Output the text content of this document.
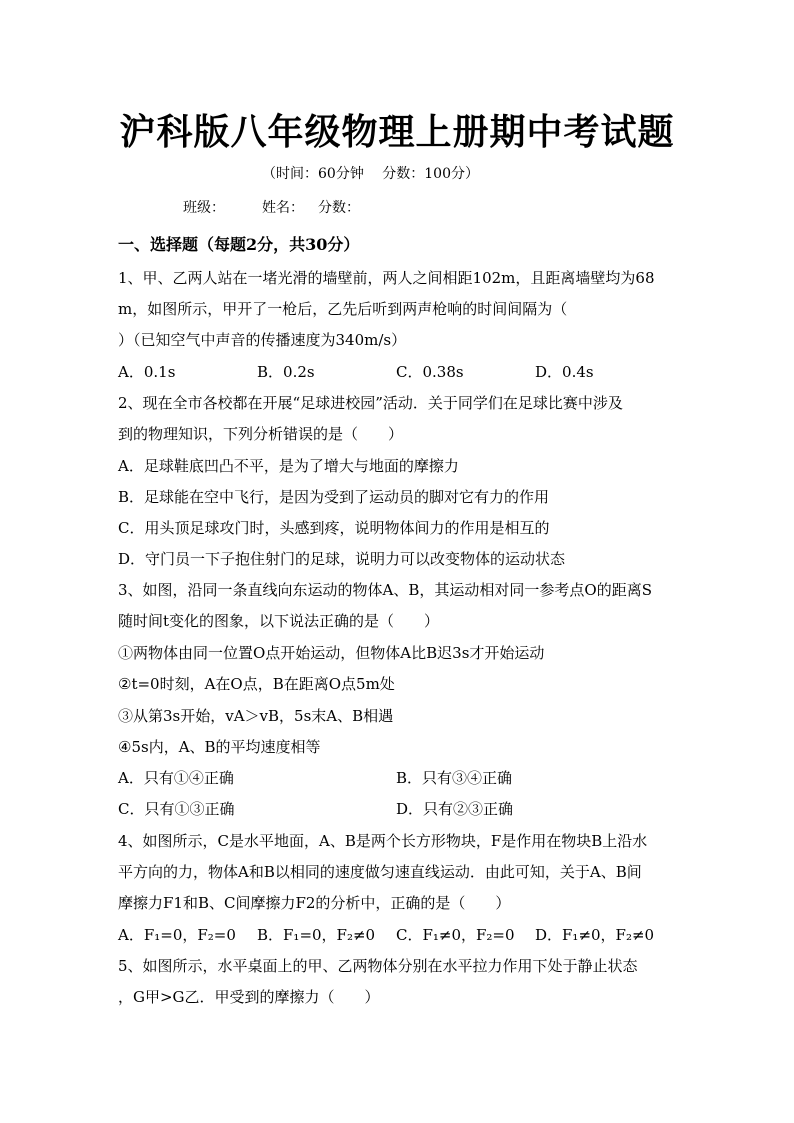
沪科版八年级物理上册期中考试题
（时间：60分钟　 分数：100分）
班级：	姓名： 分数：
一、选择题（每题2分，共30分）
1、甲、乙两人站在一堵光滑的墙壁前，两人之间相距102m，且距离墙壁均为68
m，如图所示，甲开了一枪后，乙先后听到两声枪响的时间间隔为（
）（已知空气中声音的传播速度为340m/s）
A．0.1s	B．0.2s	C．0.38s	D．0.4s
2、现在全市各校都在开展“足球进校园”活动．关于同学们在足球比赛中涉及
到的物理知识，下列分析错误的是（　　）
A．足球鞋底凹凸不平，是为了增大与地面的摩擦力
B．足球能在空中飞行，是因为受到了运动员的脚对它有力的作用
C．用头顶足球攻门时，头感到疼，说明物体间力的作用是相互的
D．守门员一下子抱住射门的足球，说明力可以改变物体的运动状态
3、如图，沿同一条直线向东运动的物体A、B，其运动相对同一参考点O的距离S
随时间t变化的图象，以下说法正确的是（　　）
①两物体由同一位置O点开始运动，但物体A比B迟3s才开始运动
②t=0时刻，A在O点，B在距离O点5m处
③从第3s开始，vA＞vB，5s末A、B相遇
④5s内，A、B的平均速度相等
A．只有①④正确	B．只有③④正确
C．只有①③正确	D．只有②③正确
4、如图所示，C是水平地面，A、B是两个长方形物块，F是作用在物块B上沿水
平方向的力，物体A和B以相同的速度做匀速直线运动．由此可知，关于A、B间
摩擦力F1和B、C间摩擦力F2的分析中，正确的是（　　）
A．F₁=0，F₂=0 B．F₁=0，F₂≠0 C．F₁≠0，F₂=0 D．F₁≠0，F₂≠0
5、如图所示，水平桌面上的甲、乙两物体分别在水平拉力作用下处于静止状态
，G甲>G乙．甲受到的摩擦力（　　）
